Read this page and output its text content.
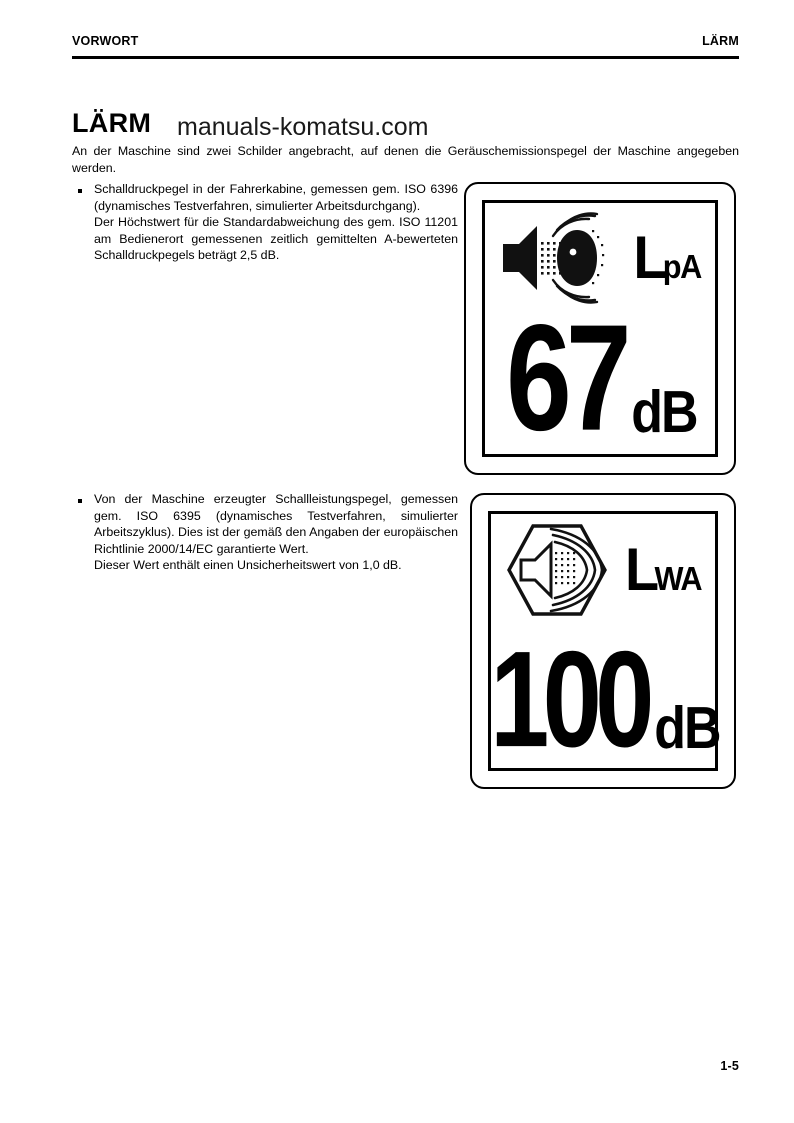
VORWORT	LÄRM
LÄRM manuals-komatsu.com
An der Maschine sind zwei Schilder angebracht, auf denen die Geräuschemissionspegel der Maschine angegeben werden.

Schalldruckpegel in der Fahrerkabine, gemessen gem. ISO 6396 (dynamisches Testverfahren, simulierter Arbeitsdurchgang).

Der Höchstwert für die Standardabweichung des gem. ISO 11201 am Bedienerort gemessenen zeitlich gemittelten A-bewerteten Schalldruckpegels beträgt 2,5 dB.

Von der Maschine erzeugter Schallleistungspegel, gemessen gem. ISO 6395 (dynamisches Testverfahren, simulierter Arbeitszyklus). Dies ist der gemäß den Angaben der europäischen Richtlinie 2000/14/EC garantierte Wert.

Dieser Wert enthält einen Unsicherheitswert von 1,0 dB.

L
pA
67 dB
L
WA
100 dB
1-5
